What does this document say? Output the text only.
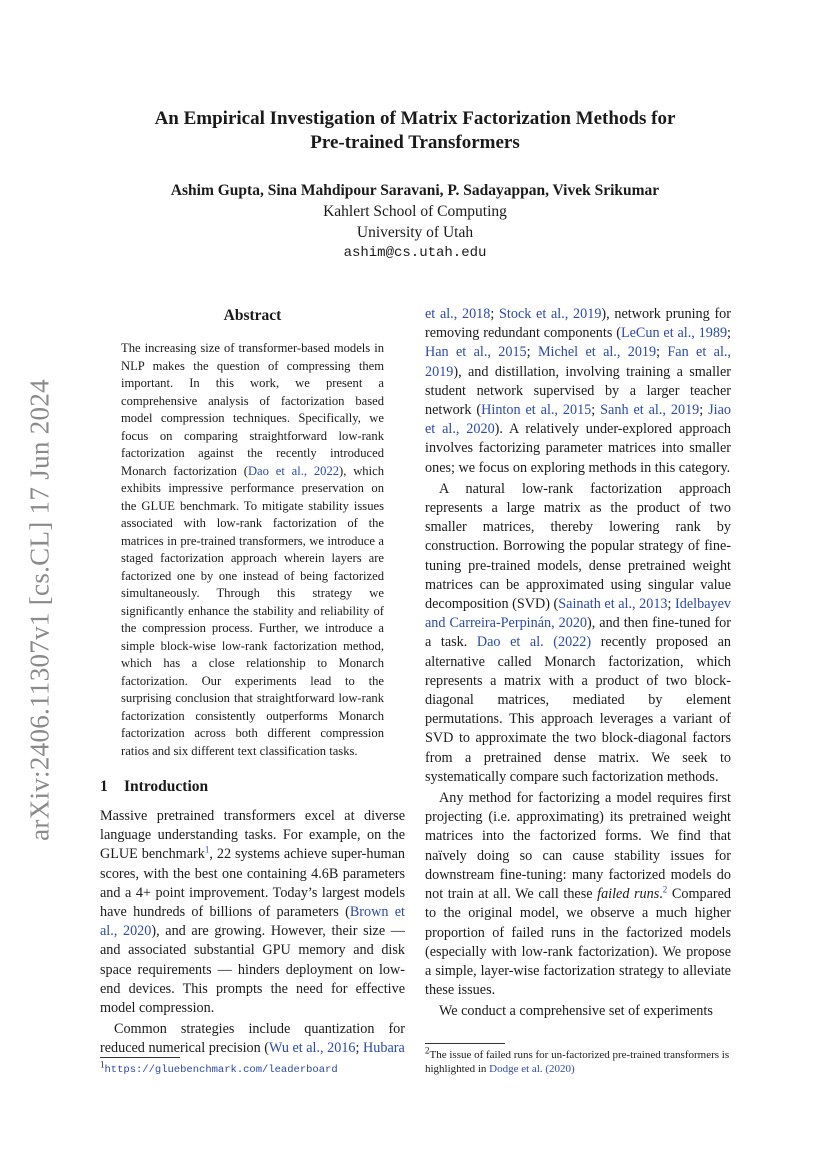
arXiv:2406.11307v1 [cs.CL] 17 Jun 2024
An Empirical Investigation of Matrix Factorization Methods for
Pre-trained Transformers
Ashim Gupta, Sina Mahdipour Saravani, P. Sadayappan, Vivek Srikumar
Kahlert School of Computing
University of Utah
ashim@cs.utah.edu
Abstract
The increasing size of transformer-based models in NLP makes the question of compressing them important. In this work, we present a comprehensive analysis of factorization based model compression techniques. Specifically, we focus on comparing straightforward low-rank factorization against the recently introduced Monarch factorization (Dao et al., 2022), which exhibits impressive performance preservation on the GLUE benchmark. To mitigate stability issues associated with low-rank factorization of the matrices in pre-trained transformers, we introduce a staged factorization approach wherein layers are factorized one by one instead of being factorized simultaneously. Through this strategy we significantly enhance the stability and reliability of the compression process. Further, we introduce a simple block-wise low-rank factorization method, which has a close relationship to Monarch factorization. Our experiments lead to the surprising conclusion that straightforward low-rank factorization consistently outperforms Monarch factorization across both different compression ratios and six different text classification tasks.
1 Introduction

Massive pretrained transformers excel at diverse language understanding tasks. For example, on the GLUE benchmark$^1$, 22 systems achieve super-human scores, with the best one containing 4.6B parameters and a 4+ point improvement. Today’s largest models have hundreds of billions of parameters (Brown et al., 2020), and are growing. However, their size — and associated substantial GPU memory and disk space requirements — hinders deployment on low-end devices. This prompts the need for effective model compression.

Common strategies include quantization for reduced numerical precision (Wu et al., 2016; Hubara

$^1$https://gluebenchmark.com/leaderboard

et al., 2018; Stock et al., 2019), network pruning for removing redundant components (LeCun et al., 1989; Han et al., 2015; Michel et al., 2019; Fan et al., 2019), and distillation, involving training a smaller student network supervised by a larger teacher network (Hinton et al., 2015; Sanh et al., 2019; Jiao et al., 2020). A relatively under-explored approach involves factorizing parameter matrices into smaller ones; we focus on exploring methods in this category.

A natural low-rank factorization approach represents a large matrix as the product of two smaller matrices, thereby lowering rank by construction. Borrowing the popular strategy of fine-tuning pre-trained models, dense pretrained weight matrices can be approximated using singular value decomposition (SVD) (Sainath et al., 2013; Idelbayev and Carreira-Perpinán, 2020), and then fine-tuned for a task. Dao et al. (2022) recently proposed an alternative called Monarch factorization, which represents a matrix with a product of two block-diagonal matrices, mediated by element permutations. This approach leverages a variant of SVD to approximate the two block-diagonal factors from a pretrained dense matrix. We seek to systematically compare such factorization methods.

Any method for factorizing a model requires first projecting (i.e. approximating) its pretrained weight matrices into the factorized forms. We find that naïvely doing so can cause stability issues for downstream fine-tuning: many factorized models do not train at all. We call these failed runs.$^2$ Compared to the original model, we observe a much higher proportion of failed runs in the factorized models (especially with low-rank factorization). We propose a simple, layer-wise factorization strategy to alleviate these issues.

We conduct a comprehensive set of experiments

$^2$The issue of failed runs for un-factorized pre-trained transformers is highlighted in Dodge et al. (2020)
